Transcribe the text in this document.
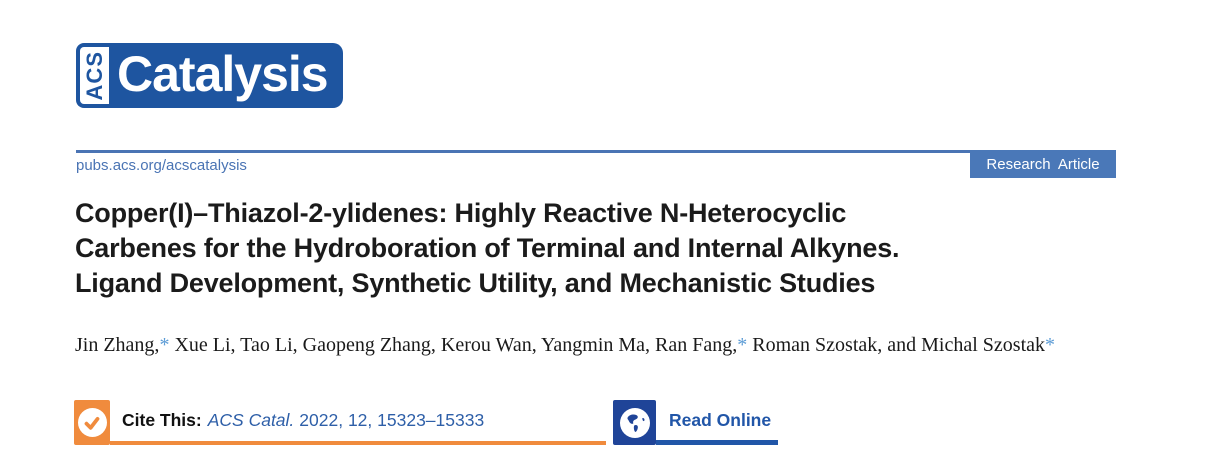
ACS Catalysis
pubs.acs.org/acscatalysis	Research Article
Copper(I)–Thiazol-2-ylidenes: Highly Reactive N-Heterocyclic
Carbenes for the Hydroboration of Terminal and Internal Alkynes.
Ligand Development, Synthetic Utility, and Mechanistic Studies
Jin Zhang,* Xue Li, Tao Li, Gaopeng Zhang, Kerou Wan, Yangmin Ma, Ran Fang,* Roman Szostak, and Michal Szostak*
Cite This: ACS Catal. 2022, 12, 15323–15333	Read Online
